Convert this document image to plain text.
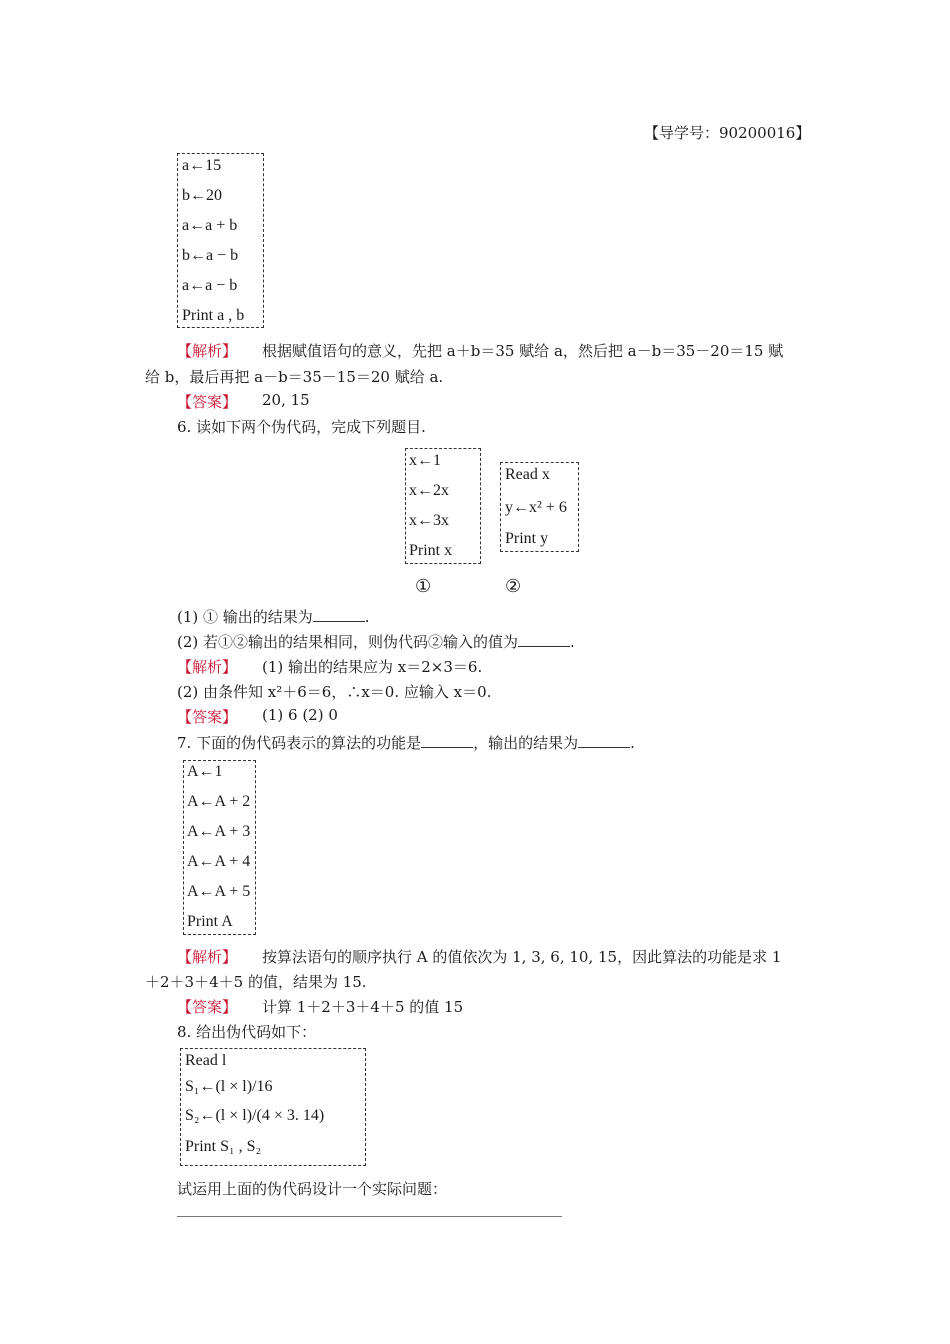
【导学号：90200016】
a←15
b←20
a←a + b
b←a − b
a←a − b
Print a , b
【解析】 根据赋值语句的意义，先把 a＋b＝35 赋给 a，然后把 a－b＝35－20＝15 赋
给 b，最后再把 a－b＝35－15＝20 赋给 a.
【答案】 20, 15
6. 读如下两个伪代码，完成下列题目.
x←1
x←2x
x←3x
Print x
Read x
y←x² + 6
Print y
①	②
(1) ① 输出的结果为	.
(2) 若①②输出的结果相同，则伪代码②输入的值为	.
【解析】 (1) 输出的结果应为 x＝2×3＝6.
(2) 由条件知 x²＋6＝6，∴x＝0. 应输入 x＝0.
【答案】 (1) 6 (2) 0
7. 下面的伪代码表示的算法的功能是	，输出的结果为	.
A←1
A←A + 2
A←A + 3
A←A + 4
A←A + 5
Print A
【解析】 按算法语句的顺序执行 A 的值依次为 1, 3, 6, 10, 15，因此算法的功能是求 1
＋2＋3＋4＋5 的值，结果为 15.
【答案】 计算 1＋2＋3＋4＋5 的值 15
8. 给出伪代码如下：
Read l
S₁←(l × l)/16
S₂←(l × l)/(4 × 3. 14)
Print S₁ , S₂
试运用上面的伪代码设计一个实际问题：
